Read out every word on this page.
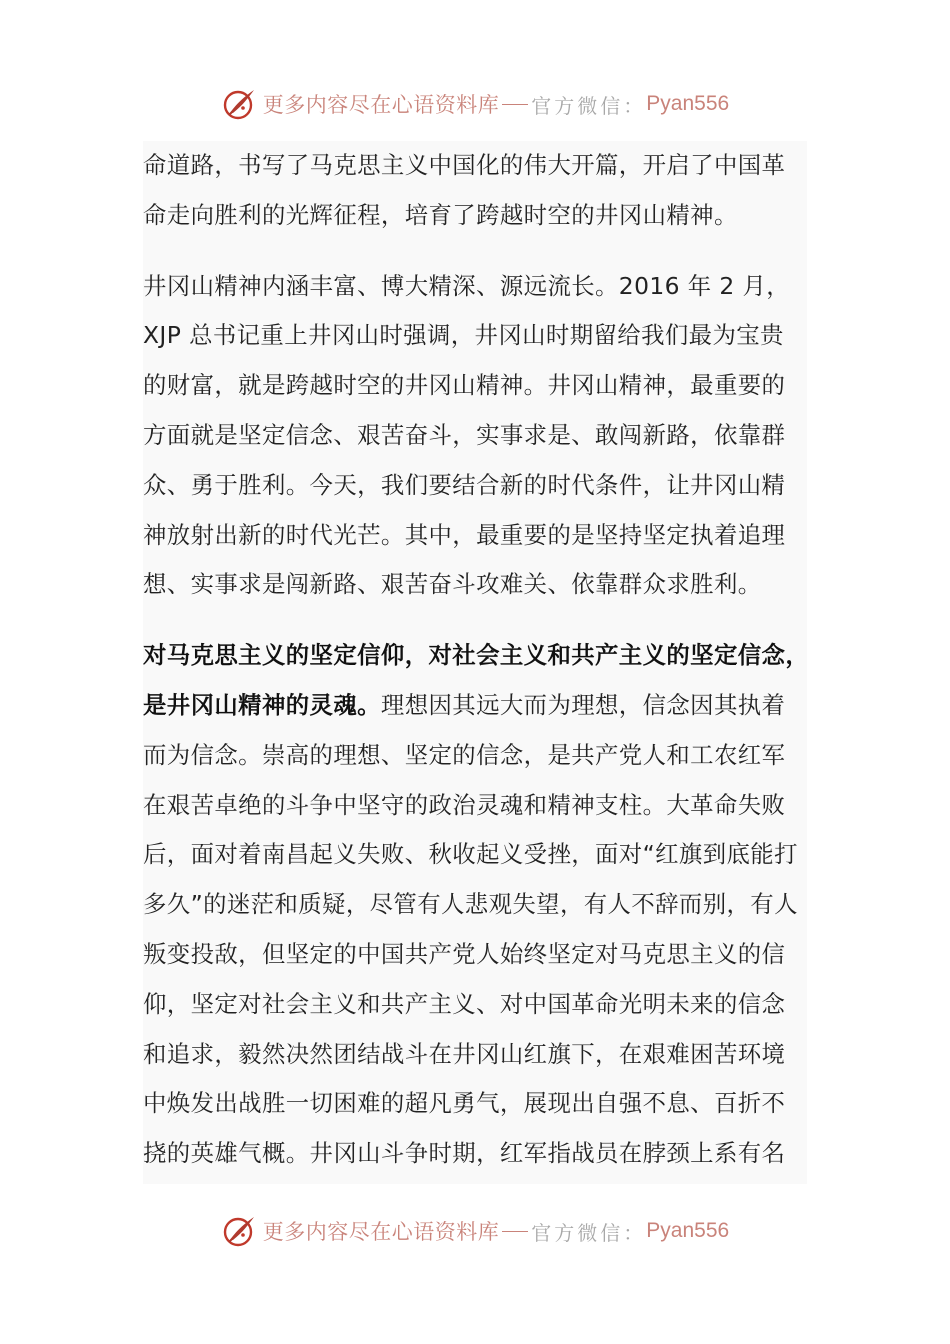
更多内容尽在心语资料库 官方微信： Pyan556

命道路，书写了马克思主义中国化的伟大开篇，开启了中国革
命走向胜利的光辉征程，培育了跨越时空的井冈山精神。

井冈山精神内涵丰富、博大精深、源远流长。2016 年 2 月，
XJP 总书记重上井冈山时强调，井冈山时期留给我们最为宝贵
的财富，就是跨越时空的井冈山精神。井冈山精神，最重要的
方面就是坚定信念、艰苦奋斗，实事求是、敢闯新路，依靠群
众、勇于胜利。今天，我们要结合新的时代条件，让井冈山精
神放射出新的时代光芒。其中，最重要的是坚持坚定执着追理
想、实事求是闯新路、艰苦奋斗攻难关、依靠群众求胜利。

对马克思主义的坚定信仰，对社会主义和共产主义的坚定信念，
是井冈山精神的灵魂。理想因其远大而为理想，信念因其执着
而为信念。崇高的理想、坚定的信念，是共产党人和工农红军
在艰苦卓绝的斗争中坚守的政治灵魂和精神支柱。大革命失败
后，面对着南昌起义失败、秋收起义受挫，面对“红旗到底能打
多久”的迷茫和质疑，尽管有人悲观失望，有人不辞而别，有人
叛变投敌，但坚定的中国共产党人始终坚定对马克思主义的信
仰，坚定对社会主义和共产主义、对中国革命光明未来的信念
和追求，毅然决然团结战斗在井冈山红旗下，在艰难困苦环境
中焕发出战胜一切困难的超凡勇气，展现出自强不息、百折不
挠的英雄气概。井冈山斗争时期，红军指战员在脖颈上系有名

更多内容尽在心语资料库 官方微信： Pyan556
